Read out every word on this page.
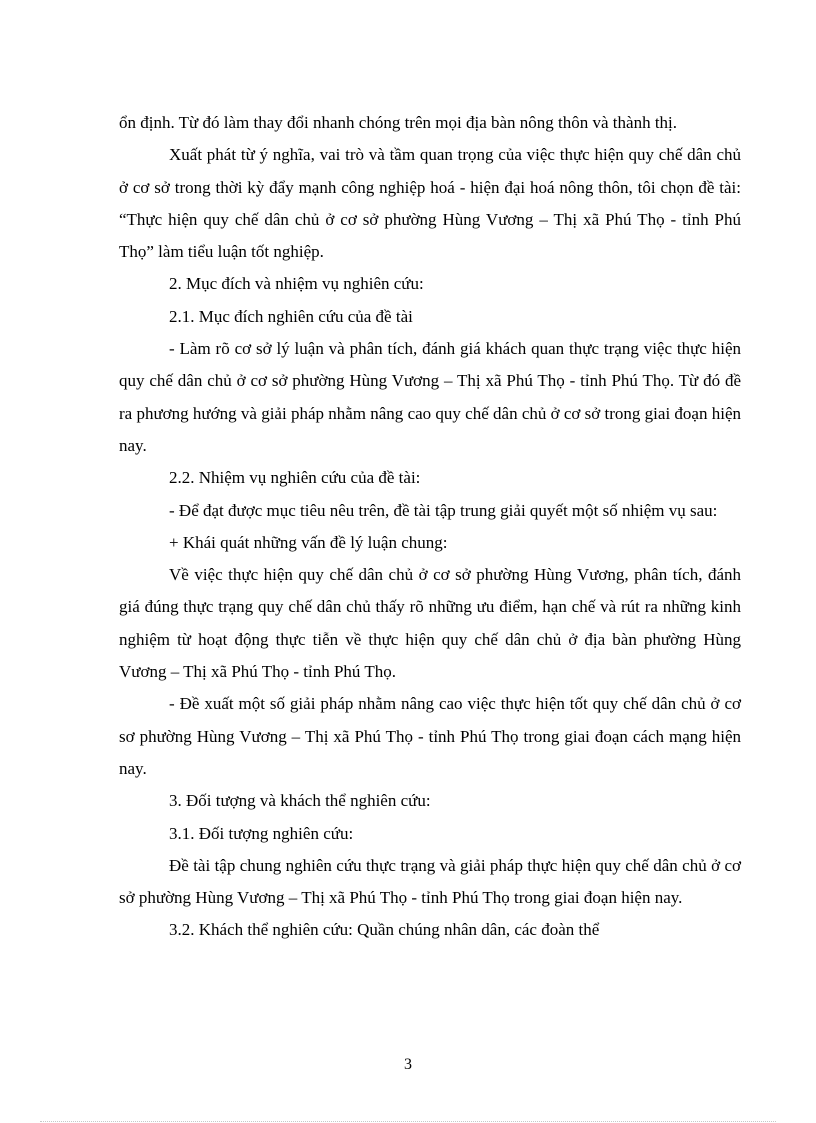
ổn định. Từ đó làm thay đổi nhanh chóng trên mọi địa bàn nông thôn và thành thị.

Xuất phát từ ý nghĩa, vai trò và tầm quan trọng của việc thực hiện quy chế dân chủ ở cơ sở trong thời kỳ đẩy mạnh công nghiệp hoá - hiện đại hoá nông thôn, tôi chọn đề tài: “Thực hiện quy chế dân chủ ở cơ sở phường Hùng Vương – Thị xã Phú Thọ - tỉnh Phú Thọ” làm tiểu luận tốt nghiệp.

2. Mục đích và nhiệm vụ nghiên cứu:

2.1. Mục đích nghiên cứu của đề tài

- Làm rõ cơ sở lý luận và phân tích, đánh giá khách quan thực trạng việc thực hiện quy chế dân chủ ở cơ sở phường Hùng Vương – Thị xã Phú Thọ - tỉnh Phú Thọ. Từ đó đề ra phương hướng và giải pháp nhằm nâng cao quy chế dân chủ ở cơ sở trong giai đoạn hiện nay.

2.2. Nhiệm vụ nghiên cứu của đề tài:

- Để đạt được mục tiêu nêu trên, đề tài tập trung giải quyết một số nhiệm vụ sau:

+ Khái quát những vấn đề lý luận chung:

Về việc thực hiện quy chế dân chủ ở cơ sở phường Hùng Vương, phân tích, đánh giá đúng thực trạng quy chế dân chủ thấy rõ những ưu điểm, hạn chế và rút ra những kinh nghiệm từ hoạt động thực tiễn về thực hiện quy chế dân chủ ở địa bàn phường Hùng Vương – Thị xã Phú Thọ - tỉnh Phú Thọ.

- Đề xuất một số giải pháp nhằm nâng cao việc thực hiện tốt quy chế dân chủ ở cơ sơ phường Hùng Vương – Thị xã Phú Thọ - tỉnh Phú Thọ trong giai đoạn cách mạng hiện nay.

3. Đối tượng và khách thể nghiên cứu:

3.1. Đối tượng nghiên cứu:

Đề tài tập chung nghiên cứu thực trạng và giải pháp thực hiện quy chế dân chủ ở cơ sở phường Hùng Vương – Thị xã Phú Thọ - tỉnh Phú Thọ trong giai đoạn hiện nay.

3.2. Khách thể nghiên cứu: Quần chúng nhân dân, các đoàn thể

3
